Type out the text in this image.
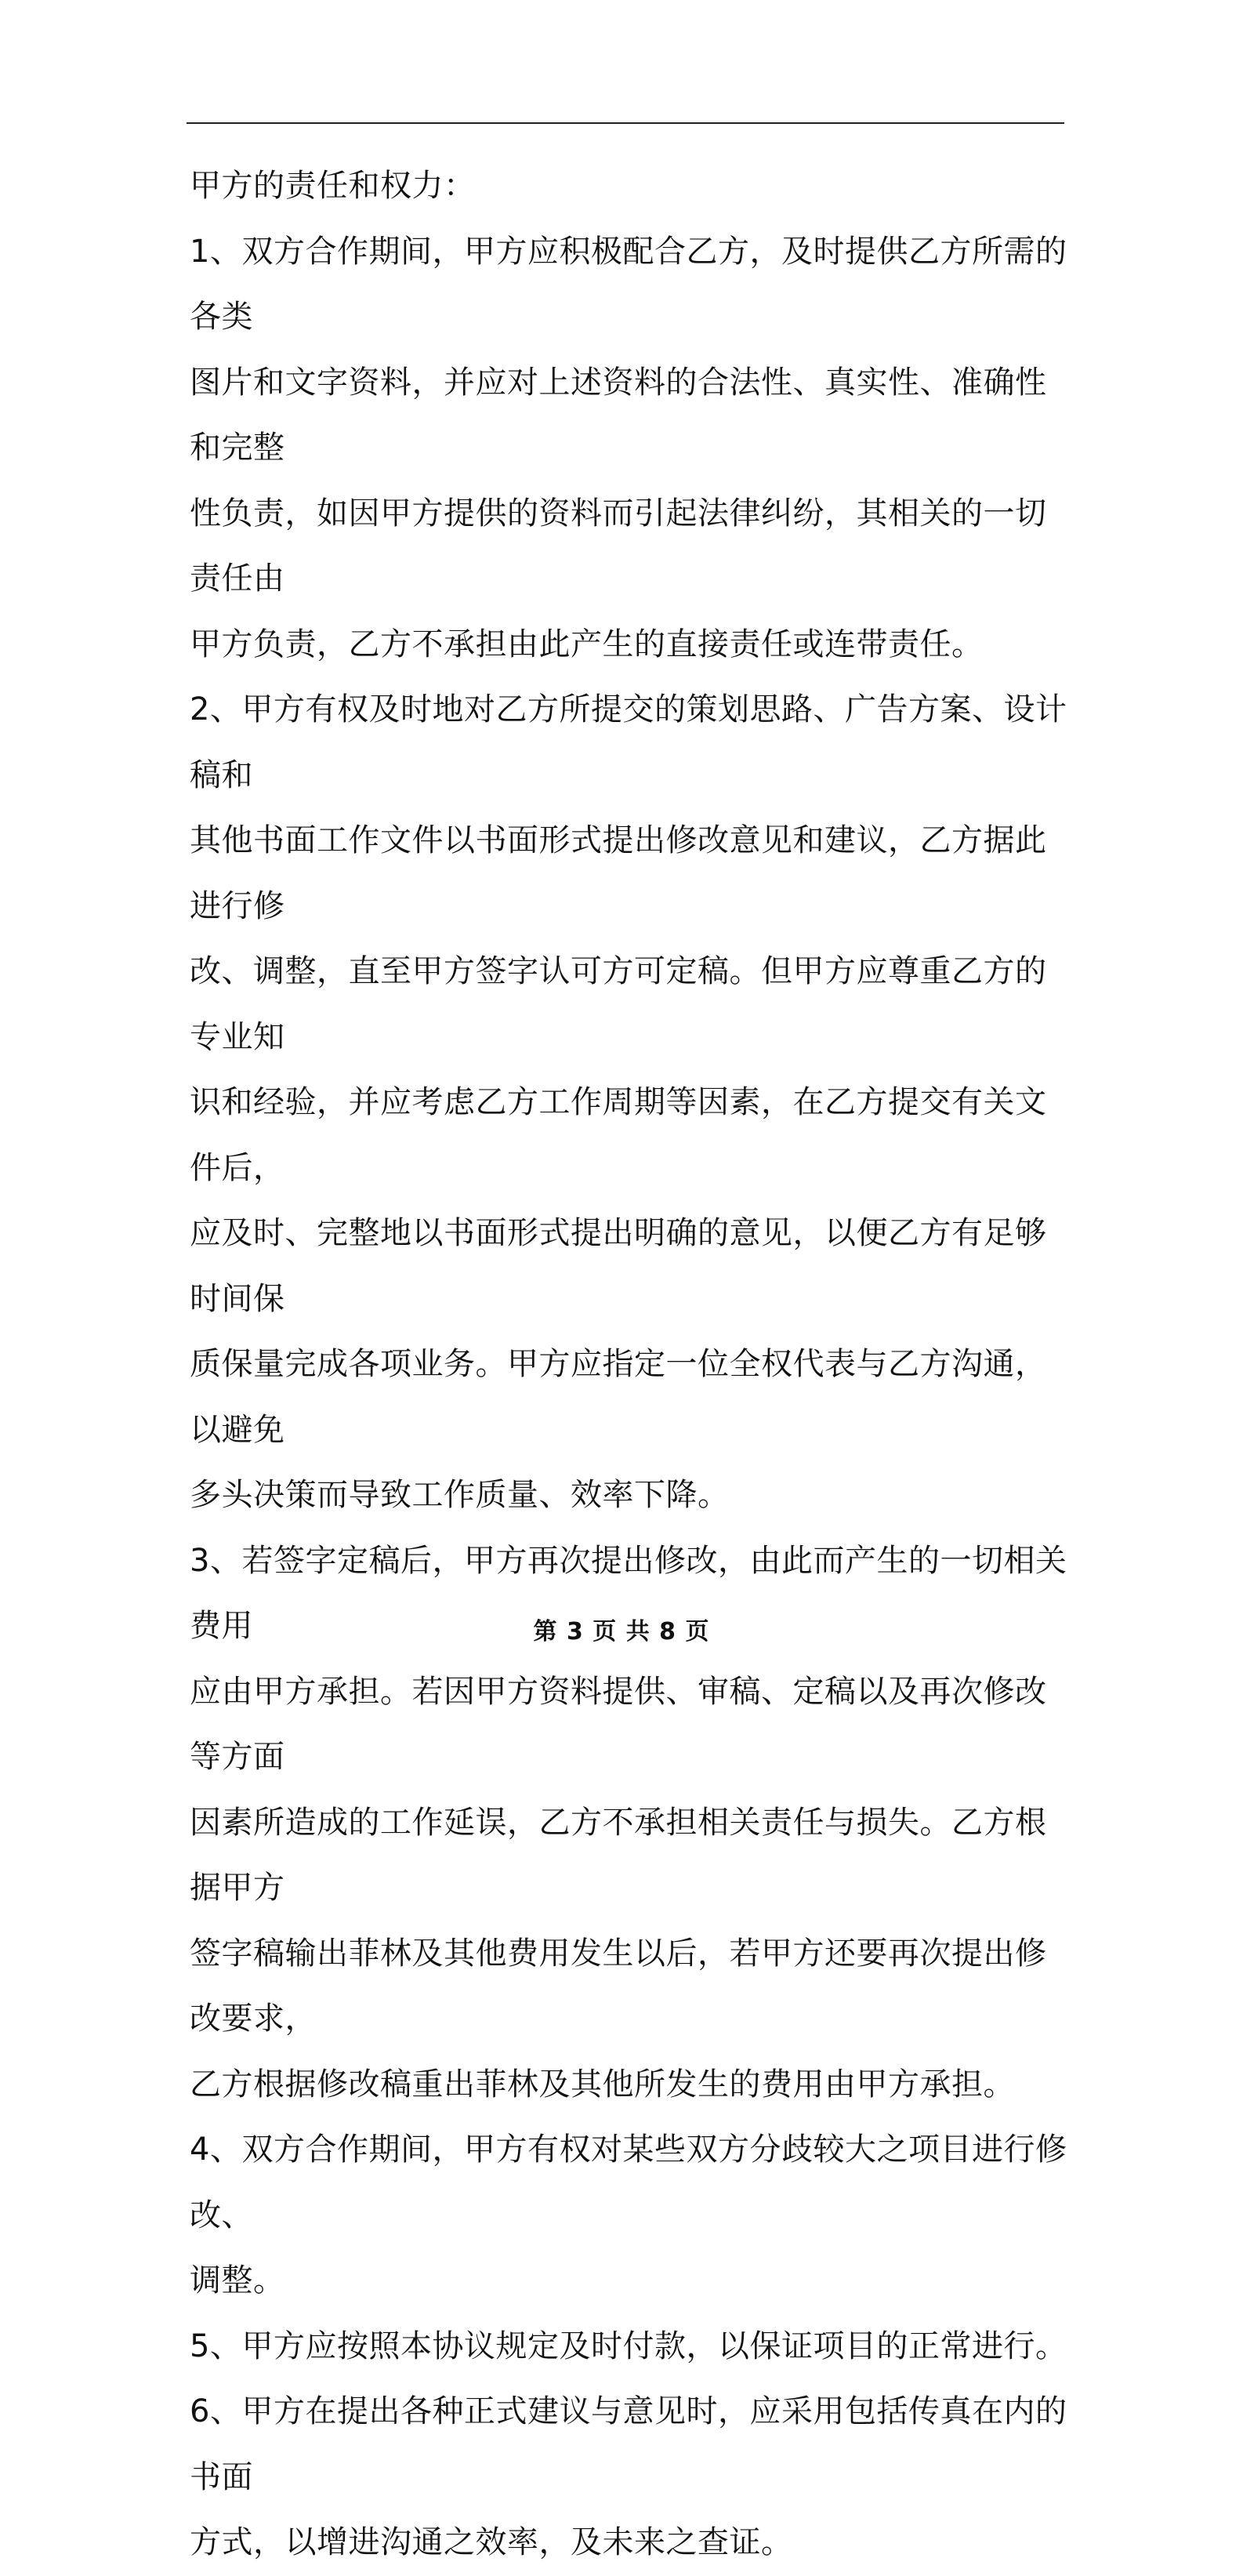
甲方的责任和权力：

1、双方合作期间，甲方应积极配合乙方，及时提供乙方所需的各类

图片和文字资料，并应对上述资料的合法性、真实性、准确性和完整

性负责，如因甲方提供的资料而引起法律纠纷，其相关的一切责任由

甲方负责，乙方不承担由此产生的直接责任或连带责任。

2、甲方有权及时地对乙方所提交的策划思路、广告方案、设计稿和

其他书面工作文件以书面形式提出修改意见和建议，乙方据此进行修

改、调整，直至甲方签字认可方可定稿。但甲方应尊重乙方的专业知

识和经验，并应考虑乙方工作周期等因素，在乙方提交有关文件后，

应及时、完整地以书面形式提出明确的意见，以便乙方有足够时间保

质保量完成各项业务。甲方应指定一位全权代表与乙方沟通，以避免

多头决策而导致工作质量、效率下降。

3、若签字定稿后，甲方再次提出修改，由此而产生的一切相关费用

应由甲方承担。若因甲方资料提供、审稿、定稿以及再次修改等方面

因素所造成的工作延误，乙方不承担相关责任与损失。乙方根据甲方

签字稿输出菲林及其他费用发生以后，若甲方还要再次提出修改要求，

乙方根据修改稿重出菲林及其他所发生的费用由甲方承担。

4、双方合作期间，甲方有权对某些双方分歧较大之项目进行修改、

调整。

5、甲方应按照本协议规定及时付款，以保证项目的正常进行。

6、甲方在提出各种正式建议与意见时，应采用包括传真在内的书面

方式，以增进沟通之效率，及未来之查证。

第 3 页 共 8 页
